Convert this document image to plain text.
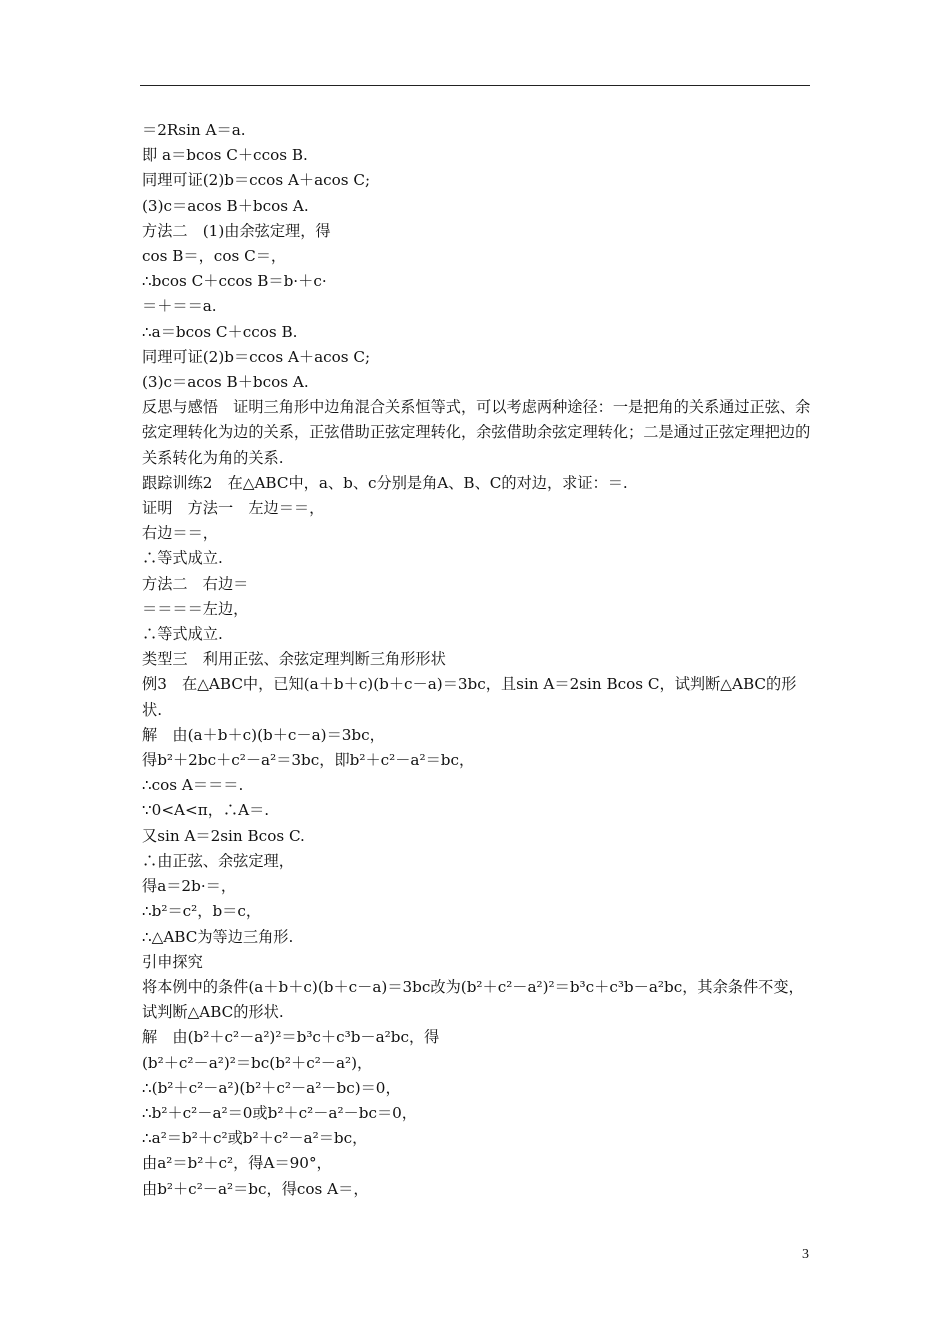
＝2Rsin A＝a.

即 a＝bcos C＋ccos B.

同理可证(2)b＝ccos A＋acos C;

(3)c＝acos B＋bcos A.

方法二　(1)由余弦定理，得

cos B＝，cos C＝，

∴bcos C＋ccos B＝b·＋c·

＝＋＝＝a.

∴a＝bcos C＋ccos B.

同理可证(2)b＝ccos A＋acos C;

(3)c＝acos B＋bcos A.

反思与感悟　证明三角形中边角混合关系恒等式，可以考虑两种途径：一是把角的关系通过正弦、余弦定理转化为边的关系，正弦借助正弦定理转化，余弦借助余弦定理转化；二是通过正弦定理把边的关系转化为角的关系.

跟踪训练2　在△ABC中，a、b、c分别是角A、B、C的对边，求证：＝.

证明　方法一　左边＝＝，

右边＝＝，

∴等式成立.

方法二　右边＝

＝＝＝＝左边，

∴等式成立.

类型三　利用正弦、余弦定理判断三角形形状

例3　在△ABC中，已知(a＋b＋c)(b＋c－a)＝3bc，且sin A＝2sin Bcos C，试判断△ABC的形状.

解　由(a＋b＋c)(b＋c－a)＝3bc，

得b²＋2bc＋c²－a²＝3bc，即b²＋c²－a²＝bc，

∴cos A＝＝＝.

∵0<A<π，∴A＝.

又sin A＝2sin Bcos C.

∴由正弦、余弦定理，

得a＝2b·＝，

∴b²＝c²，b＝c，

∴△ABC为等边三角形.

引申探究

将本例中的条件(a＋b＋c)(b＋c－a)＝3bc改为(b²＋c²－a²)²＝b³c＋c³b－a²bc，其余条件不变，试判断△ABC的形状.

解　由(b²＋c²－a²)²＝b³c＋c³b－a²bc，得

(b²＋c²－a²)²＝bc(b²＋c²－a²)，

∴(b²＋c²－a²)(b²＋c²－a²－bc)＝0，

∴b²＋c²－a²＝0或b²＋c²－a²－bc＝0，

∴a²＝b²＋c²或b²＋c²－a²＝bc，

由a²＝b²＋c²，得A＝90°，

由b²＋c²－a²＝bc，得cos A＝，

3
